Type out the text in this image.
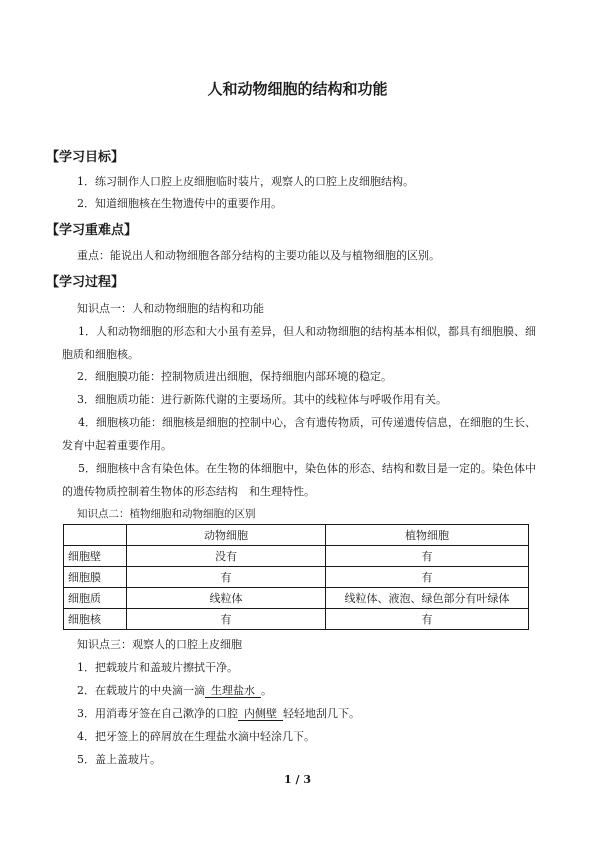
人和动物细胞的结构和功能
【学习目标】
1．练习制作人口腔上皮细胞临时装片，观察人的口腔上皮细胞结构。
2．知道细胞核在生物遗传中的重要作用。
【学习重难点】
重点：能说出人和动物细胞各部分结构的主要功能以及与植物细胞的区别。
【学习过程】
知识点一：人和动物细胞的结构和功能
1．人和动物细胞的形态和大小虽有差异，但人和动物细胞的结构基本相似，都具有细胞膜、细胞质和细胞核。
2．细胞膜功能：控制物质进出细胞，保持细胞内部环境的稳定。
3．细胞质功能：进行新陈代谢的主要场所。其中的线粒体与呼吸作用有关。
4．细胞核功能：细胞核是细胞的控制中心，含有遗传物质，可传递遗传信息，在细胞的生长、发育中起着重要作用。
5．细胞核中含有染色体。在生物的体细胞中，染色体的形态、结构和数目是一定的。染色体中的遗传物质控制着生物体的形态结构　和生理特性。
知识点二：植物细胞和动物细胞的区别
	动物细胞	植物细胞
细胞壁	没有	有
细胞膜	有	有
细胞质	线粒体	线粒体、液泡、绿色部分有叶绿体
细胞核	有	有
知识点三：观察人的口腔上皮细胞
1．把载玻片和盖玻片擦拭干净。
2．在载玻片的中央滴一滴 生理盐水 。
3．用消毒牙签在自己漱净的口腔 内侧壁 轻轻地刮几下。
4．把牙签上的碎屑放在生理盐水滴中轻涂几下。
5．盖上盖玻片。
1 / 3
